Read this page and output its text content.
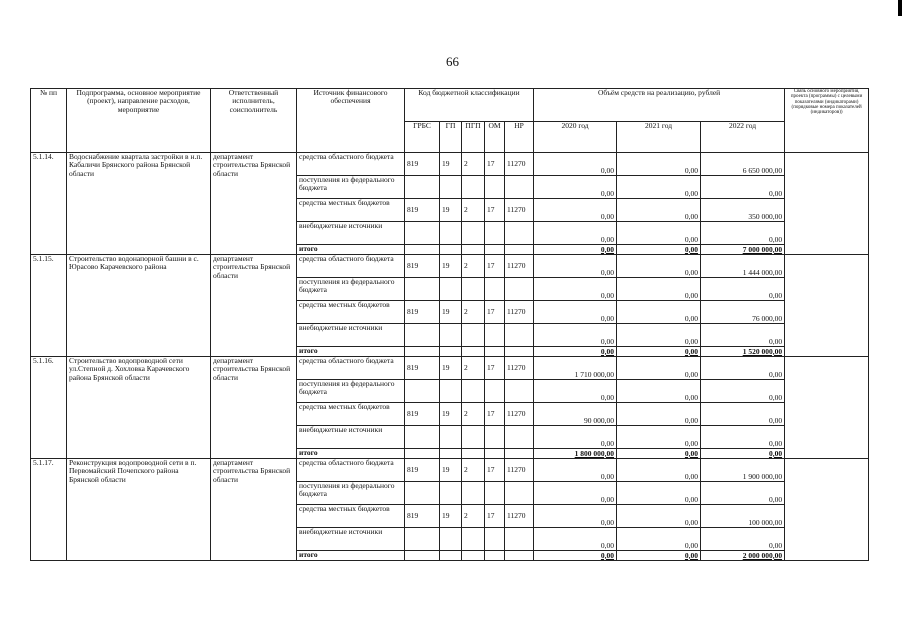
66
№ пп	Подпрограмма, основное мероприятие (проект), направление расходов, мероприятие	Ответственный исполнитель, соисполнитель	Источник финансового обеспечения	Код бюджетной классификации					Объём средств на реализацию, рублей			Связь основного мероприятия, проекта (программы) с целевыми показателями (индикаторами) (порядковые номера показателей (индикаторов))
				ГРБС	ГП	ПГП	ОМ	НР	2020 год	2021 год	2022 год	
5.1.14.	Водоснабжение квартала застройки в н.п. Кабаличи Брянского района Брянской области	департамент строительства Брянской области	средства областного бюджета	819	19	2	17	11270	0,00	0,00	6 650 000,00	
			поступления из федерального бюджета						0,00	0,00	0,00	
			средства местных бюджетов	819	19	2	17	11270	0,00	0,00	350 000,00	
			внебюджетные источники						0,00	0,00	0,00	
			итого						0,00	0,00	7 000 000,00	
5.1.15.	Строительство водонапорной башни в с. Юрасово Карачевского района	департамент строительства Брянской области	средства областного бюджета	819	19	2	17	11270	0,00	0,00	1 444 000,00	
			поступления из федерального бюджета						0,00	0,00	0,00	
			средства местных бюджетов	819	19	2	17	11270	0,00	0,00	76 000,00	
			внебюджетные источники						0,00	0,00	0,00	
			итого						0,00	0,00	1 520 000,00	
5.1.16.	Строительство водопроводной сети ул.Степной д. Хохловка Карачевского района Брянской области	департамент строительства Брянской области	средства областного бюджета	819	19	2	17	11270	1 710 000,00	0,00	0,00	
			поступления из федерального бюджета						0,00	0,00	0,00	
			средства местных бюджетов	819	19	2	17	11270	90 000,00	0,00	0,00	
			внебюджетные источники						0,00	0,00	0,00	
			итого						1 800 000,00	0,00	0,00	
5.1.17.	Реконструкция водопроводной сети в п. Первомайский Почепского района Брянской области	департамент строительства Брянской области	средства областного бюджета	819	19	2	17	11270	0,00	0,00	1 900 000,00	
			поступления из федерального бюджета						0,00	0,00	0,00	
			средства местных бюджетов	819	19	2	17	11270	0,00	0,00	100 000,00	
			внебюджетные источники						0,00	0,00	0,00	
			итого						0,00	0,00	2 000 000,00	
